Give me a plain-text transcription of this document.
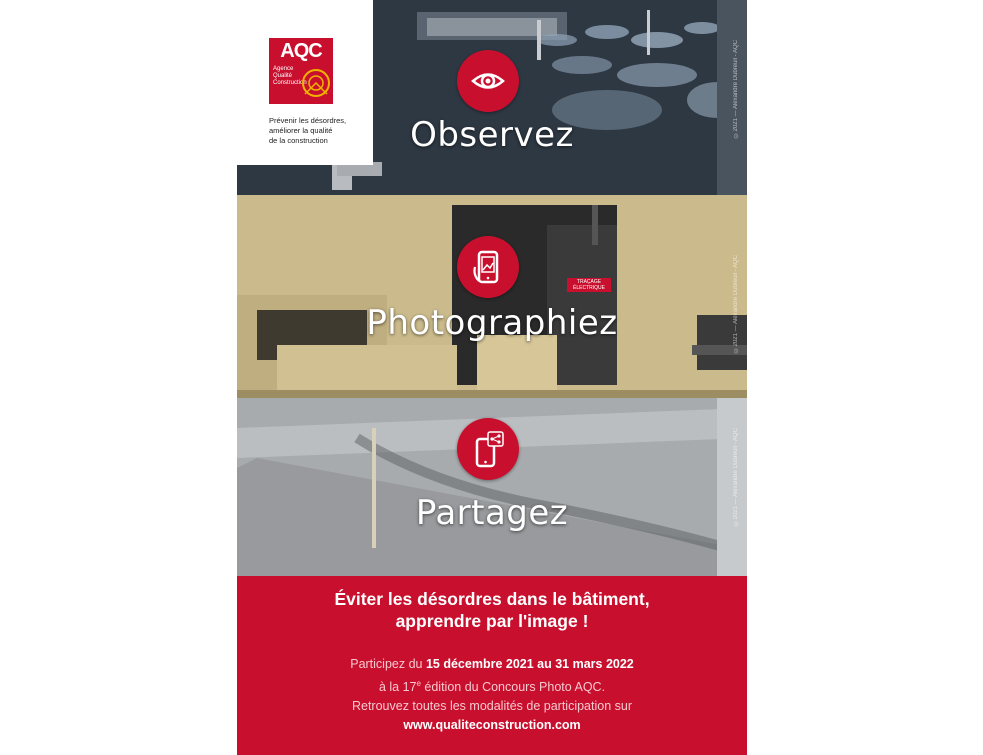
AQC
Agence
Qualité
Construction
Prévenir les désordres,
améliorer la qualité
de la construction	Observez	©2021 — Alexandre Dubreuil - AQC
TRAÇAGE ÉLECTRIQUE
Photographiez	©2021 — Alexandre Dubreuil - AQC
Partagez	©2021 — Alexandre Dubreuil - AQC
Éviter les désordres dans le bâtiment,
apprendre par l'image !
Participez du 15 décembre 2021 au 31 mars 2022
à la 17e édition du Concours Photo AQC.
Retrouvez toutes les modalités de participation sur
www.qualiteconstruction.com
